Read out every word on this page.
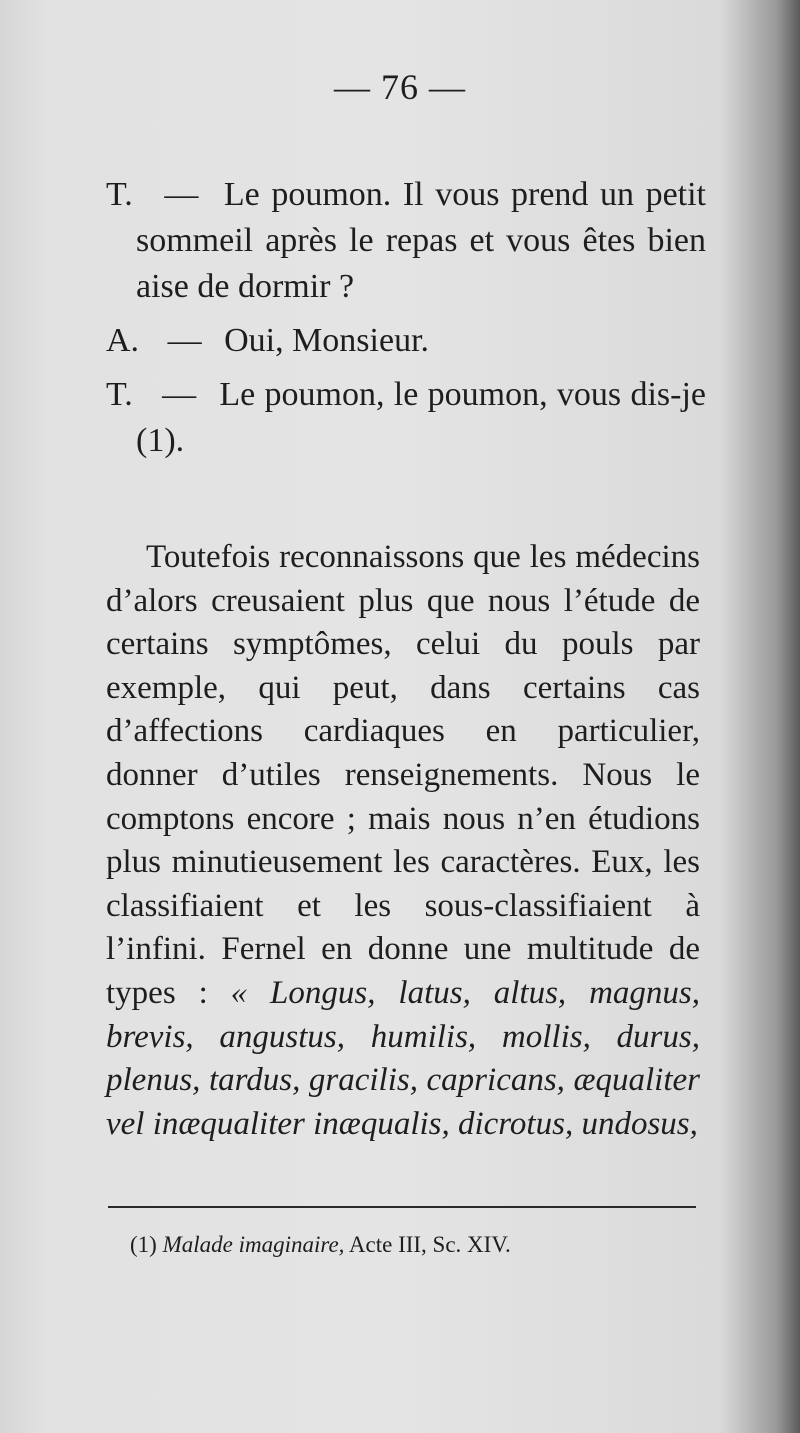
— 76 —

T. — Le poumon. Il vous prend un petit sommeil après le repas et vous êtes bien aise de dormir ?
A. — Oui, Monsieur.
T. — Le poumon, le poumon, vous dis-je (1).

Toutefois reconnaissons que les médecins d’alors creusaient plus que nous l’étude de certains symptômes, celui du pouls par exemple, qui peut, dans certains cas d’affections cardiaques en particulier, donner d’utiles renseignements. Nous le comptons encore ; mais nous n’en étudions plus minutieusement les caractères. Eux, les classifiaient et les sous-classifiaient à l’infini. Fernel en donne une multitude de types : « Longus, latus, altus, magnus, brevis, angustus, humilis, mollis, durus, plenus, tardus, gracilis, capricans, æqualiter vel inæqualiter inæqualis, dicrotus, undosus,

(1) Malade imaginaire, Acte III, Sc. XIV.
